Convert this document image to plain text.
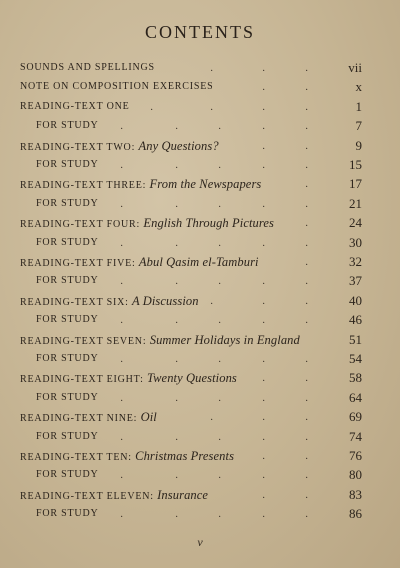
CONTENTS
SOUNDS AND SPELLINGS	·	·	·	vii
NOTE ON COMPOSITION EXERCISES	·	·	x
READING-TEXT ONE ·	·	·	·	1
FOR STUDY ·	·	·	·	·	7
READING-TEXT TWO: Any Questions?	·	·	9
FOR STUDY ·	·	·	·	·	15
READING-TEXT THREE: From the Newspapers	·	17
FOR STUDY ·	·	·	·	·	21
READING-TEXT FOUR: English Through Pictures	·	24
FOR STUDY ·	·	·	·	·	30
READING-TEXT FIVE: Abul Qasim el-Tamburi	·	32
FOR STUDY ·	·	·	·	·	37
READING-TEXT SIX: A Discussion ·	·	·	40
FOR STUDY ·	·	·	·	·	46
READING-TEXT SEVEN: Summer Holidays in England	51
FOR STUDY ·	·	·	·	·	54
READING-TEXT EIGHT: Twenty Questions	·	·	58
FOR STUDY ·	·	·	·	·	64
READING-TEXT NINE: Oil	·	·	·	69
FOR STUDY ·	·	·	·	·	74
READING-TEXT TEN: Christmas Presents	·	·	76
FOR STUDY ·	·	·	·	·	80
READING-TEXT ELEVEN: Insurance	·	·	83
FOR STUDY ·	·	·	·	·	86
v
